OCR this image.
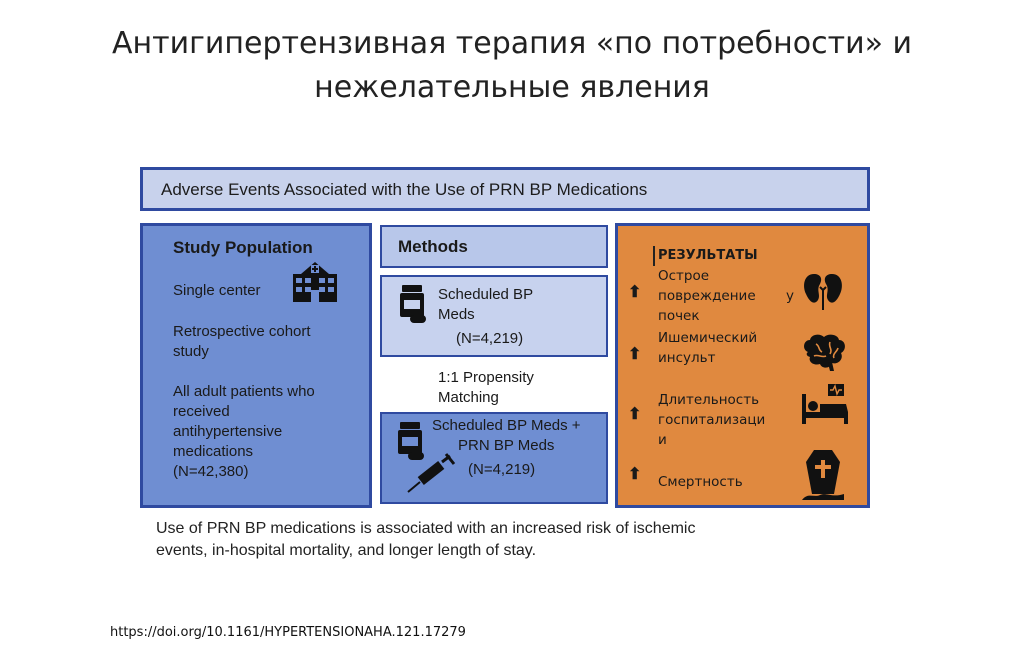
Антигипертензивная терапия «по потребности» и
нежелательные явления
Adverse Events Associated with the Use of PRN BP Medications
Study Population
Single center
Retrospective cohort
study
All adult patients who
received
antihypertensive
medications
(N=42,380)
Methods
Scheduled BP
Meds
(N=4,219)
1:1 Propensity
Matching
Scheduled BP Meds +
PRN BP Meds
(N=4,219)
РЕЗУЛЬТАТЫ
⬆
Острое
повреждение
почек
у
⬆
Ишемический
инсульт
⬆
Длительность
госпитализаци
и
⬆ Смертность
Use of PRN BP medications is associated with an increased risk of ischemic
events, in-hospital mortality, and longer length of stay.
https://doi.org/10.1161/HYPERTENSIONAHA.121.17279
